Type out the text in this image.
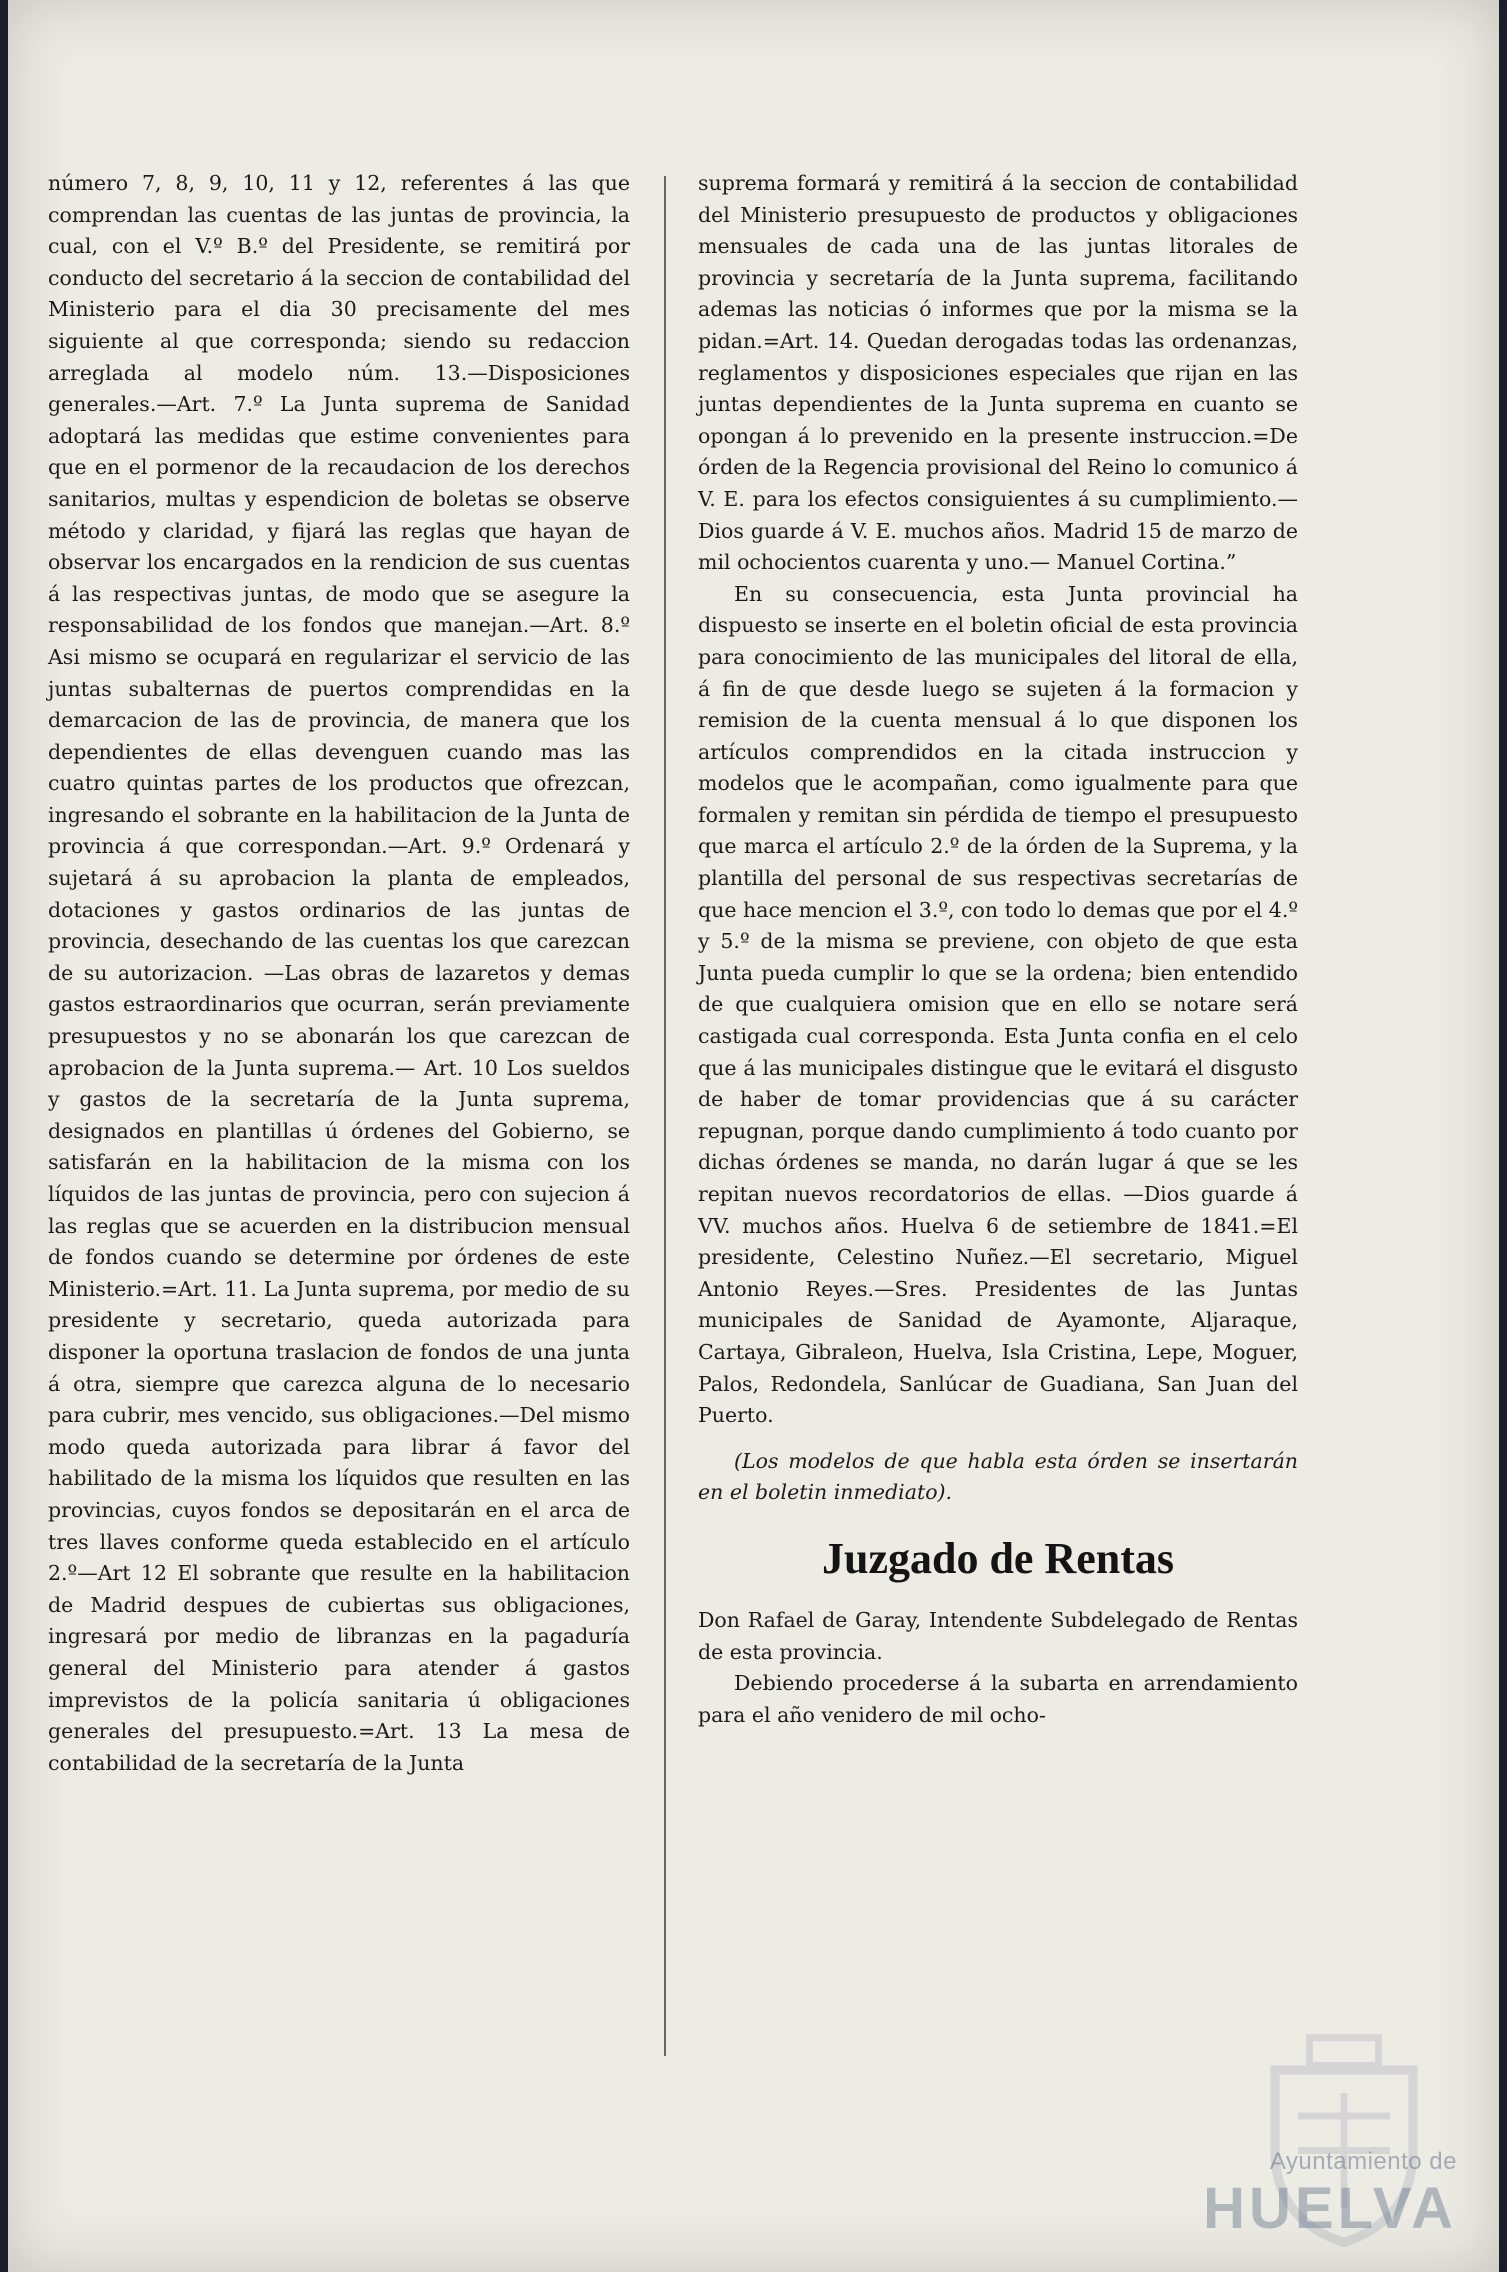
número 7, 8, 9, 10, 11 y 12, referentes á las que comprendan las cuentas de las juntas de provincia, la cual, con el V.º B.º del Presidente, se remitirá por conducto del secretario á la seccion de contabilidad del Ministerio para el dia 30 precisamente del mes siguiente al que corresponda; siendo su redaccion arreglada al modelo núm. 13.—Disposiciones generales.—Art. 7.º La Junta suprema de Sanidad adoptará las medidas que estime convenientes para que en el pormenor de la recaudacion de los derechos sanitarios, multas y espendicion de boletas se observe método y claridad, y fijará las reglas que hayan de observar los encargados en la rendicion de sus cuentas á las respectivas juntas, de modo que se asegure la responsabilidad de los fondos que manejan.—Art. 8.º Asi mismo se ocupará en regularizar el servicio de las juntas subalternas de puertos comprendidas en la demarcacion de las de provincia, de manera que los dependientes de ellas devenguen cuando mas las cuatro quintas partes de los productos que ofrezcan, ingresando el sobrante en la habilitacion de la Junta de provincia á que correspondan.—Art. 9.º Ordenará y sujetará á su aprobacion la planta de empleados, dotaciones y gastos ordinarios de las juntas de provincia, desechando de las cuentas los que carezcan de su autorizacion. —Las obras de lazaretos y demas gastos estraordinarios que ocurran, serán previamente presupuestos y no se abonarán los que carezcan de aprobacion de la Junta suprema.— Art. 10 Los sueldos y gastos de la secretaría de la Junta suprema, designados en plantillas ú órdenes del Gobierno, se satisfarán en la habilitacion de la misma con los líquidos de las juntas de provincia, pero con sujecion á las reglas que se acuerden en la distribucion mensual de fondos cuando se determine por órdenes de este Ministerio.=Art. 11. La Junta suprema, por medio de su presidente y secretario, queda autorizada para disponer la oportuna traslacion de fondos de una junta á otra, siempre que carezca alguna de lo necesario para cubrir, mes vencido, sus obligaciones.—Del mismo modo queda autorizada para librar á favor del habilitado de la misma los líquidos que resulten en las provincias, cuyos fondos se depositarán en el arca de tres llaves conforme queda establecido en el artículo 2.º—Art 12 El sobrante que resulte en la habilitacion de Madrid despues de cubiertas sus obligaciones, ingresará por medio de libranzas en la pagaduría general del Ministerio para atender á gastos imprevistos de la policía sanitaria ú obligaciones generales del presupuesto.=Art. 13 La mesa de contabilidad de la secretaría de la Junta

suprema formará y remitirá á la seccion de contabilidad del Ministerio presupuesto de productos y obligaciones mensuales de cada una de las juntas litorales de provincia y secretaría de la Junta suprema, facilitando ademas las noticias ó informes que por la misma se la pidan.=Art. 14. Quedan derogadas todas las ordenanzas, reglamentos y disposiciones especiales que rijan en las juntas dependientes de la Junta suprema en cuanto se opongan á lo prevenido en la presente instruccion.=De órden de la Regencia provisional del Reino lo comunico á V. E. para los efectos consiguientes á su cumplimiento.—Dios guarde á V. E. muchos años. Madrid 15 de marzo de mil ochocientos cuarenta y uno.— Manuel Cortina.”

En su consecuencia, esta Junta provincial ha dispuesto se inserte en el boletin oficial de esta provincia para conocimiento de las municipales del litoral de ella, á fin de que desde luego se sujeten á la formacion y remision de la cuenta mensual á lo que disponen los artículos comprendidos en la citada instruccion y modelos que le acompañan, como igualmente para que formalen y remitan sin pérdida de tiempo el presupuesto que marca el artículo 2.º de la órden de la Suprema, y la plantilla del personal de sus respectivas secretarías de que hace mencion el 3.º, con todo lo demas que por el 4.º y 5.º de la misma se previene, con objeto de que esta Junta pueda cumplir lo que se la ordena; bien entendido de que cualquiera omision que en ello se notare será castigada cual corresponda. Esta Junta confia en el celo que á las municipales distingue que le evitará el disgusto de haber de tomar providencias que á su carácter repugnan, porque dando cumplimiento á todo cuanto por dichas órdenes se manda, no darán lugar á que se les repitan nuevos recordatorios de ellas. —Dios guarde á VV. muchos años. Huelva 6 de setiembre de 1841.=El presidente, Celestino Nuñez.—El secretario, Miguel Antonio Reyes.—Sres. Presidentes de las Juntas municipales de Sanidad de Ayamonte, Aljaraque, Cartaya, Gibraleon, Huelva, Isla Cristina, Lepe, Moguer, Palos, Redondela, Sanlúcar de Guadiana, San Juan del Puerto.

(Los modelos de que habla esta órden se insertarán en el boletin inmediato).

Juzgado de Rentas

Don Rafael de Garay, Intendente Subdelegado de Rentas de esta provincia.

Debiendo procederse á la subarta en arrendamiento para el año venidero de mil ocho-

Ayuntamiento de
HUELVA
